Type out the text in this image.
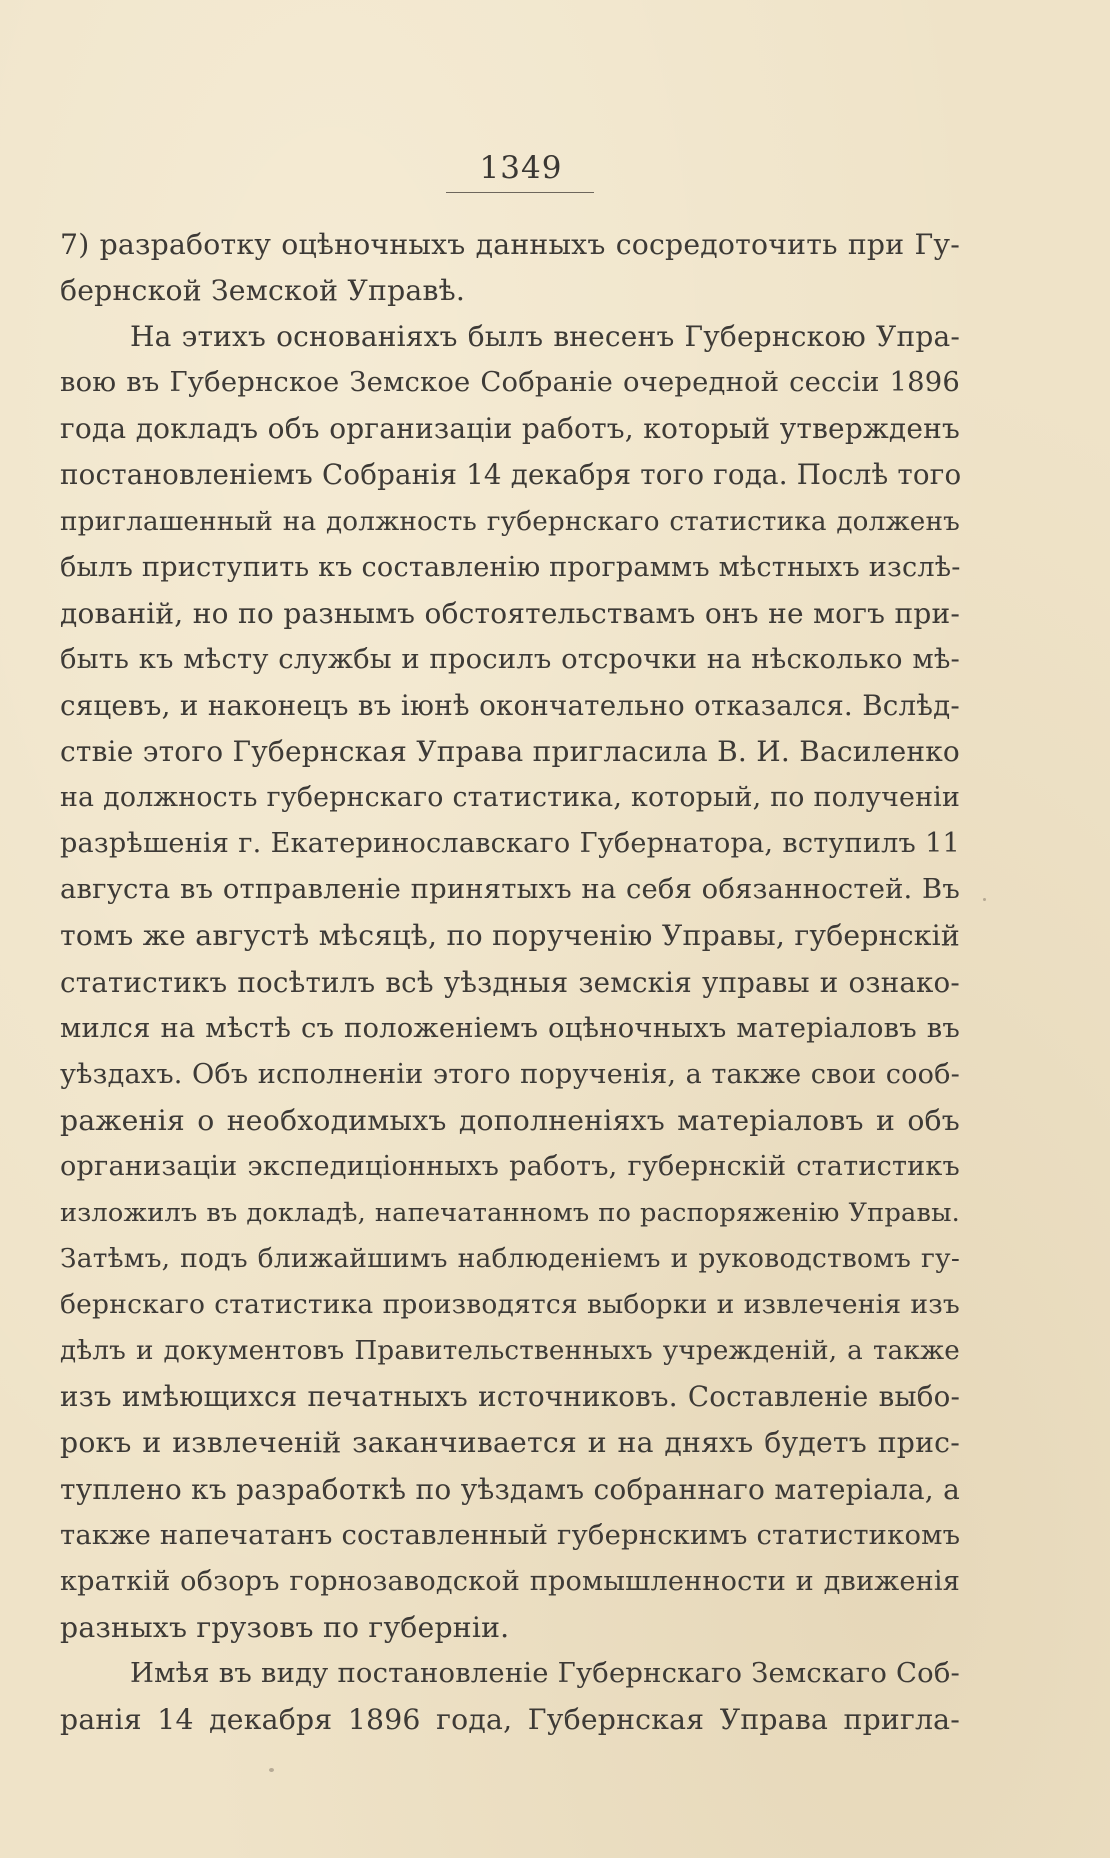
1349
7) разработку оцѣночныхъ данныхъ сосредоточить при Гу-
бернской Земской Управѣ.
На этихъ основаніяхъ былъ внесенъ Губернскою Упра-
вою въ Губернское Земское Собраніе очередной сессіи 1896
года докладъ объ организаціи работъ, который утвержденъ
постановленіемъ Собранія 14 декабря того года. Послѣ того
приглашенный на должность губернскаго статистика долженъ
былъ приступить къ составленію программъ мѣстныхъ изслѣ-
дованій, но по разнымъ обстоятельствамъ онъ не могъ при-
быть къ мѣсту службы и просилъ отсрочки на нѣсколько мѣ-
сяцевъ, и наконецъ въ іюнѣ окончательно отказался. Вслѣд-
ствіе этого Губернская Управа пригласила В. И. Василенко
на должность губернскаго статистика, который, по полученіи
разрѣшенія г. Екатеринославскаго Губернатора, вступилъ 11
августа въ отправленіе принятыхъ на себя обязанностей. Въ
томъ же августѣ мѣсяцѣ, по порученію Управы, губернскій
статистикъ посѣтилъ всѣ уѣздныя земскія управы и ознако-
мился на мѣстѣ съ положеніемъ оцѣночныхъ матеріаловъ въ
уѣздахъ. Объ исполненіи этого порученія, а также свои сооб-
раженія о необходимыхъ дополненіяхъ матеріаловъ и объ
организаціи экспедиціонныхъ работъ, губернскій статистикъ
изложилъ въ докладѣ, напечатанномъ по распоряженію Управы.
Затѣмъ, подъ ближайшимъ наблюденіемъ и руководствомъ гу-
бернскаго статистика производятся выборки и извлеченія изъ
дѣлъ и документовъ Правительственныхъ учрежденій, а также
изъ имѣющихся печатныхъ источниковъ. Составленіе выбо-
рокъ и извлеченій заканчивается и на дняхъ будетъ прис-
туплено къ разработкѣ по уѣздамъ собраннаго матеріала, а
также напечатанъ составленный губернскимъ статистикомъ
краткій обзоръ горнозаводской промышленности и движенія
разныхъ грузовъ по губерніи.
Имѣя въ виду постановленіе Губернскаго Земскаго Соб-
ранія 14 декабря 1896 года, Губернская Управа пригла-
